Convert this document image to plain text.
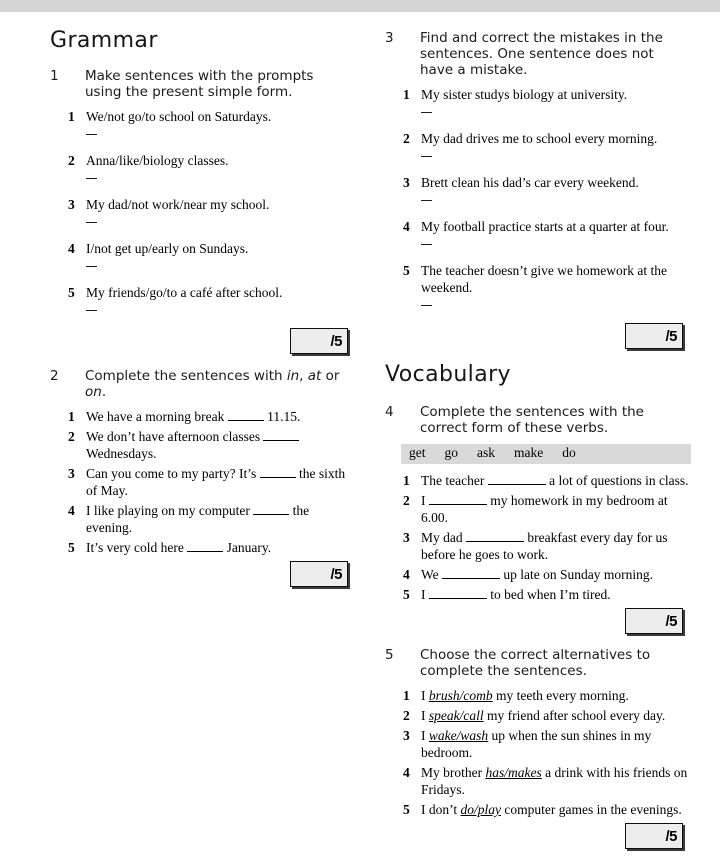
Grammar
1	Make sentences with the prompts
using the present simple form.
1 We/not go/to school on Saturdays.
2 Anna/like/biology classes.
3 My dad/not work/near my school.
4 I/not get up/early on Sundays.
5 My friends/go/to a café after school.
/5
2	Complete the sentences with in, at or
on.
1 We have a morning break	11.15.
2 We don’t have afternoon classes  Wednesdays.
3 Can you come to my party? It’s	the sixth of May.
4 I like playing on my computer	the evening.
5 It’s very cold here	January.
/5
3	Find and correct the mistakes in the
sentences. One sentence does not
have a mistake.
1 My sister studys biology at university.
2 My dad drives me to school every morning.
3 Brett clean his dad’s car every weekend.
4 My football practice starts at a quarter at four.
5 The teacher doesn’t give we homework at the weekend.
/5
Vocabulary
4	Complete the sentences with the
correct form of these verbs.
get go ask make do
1 The teacher	a lot of questions in class.
2 I	my homework in my bedroom at 6.00.
3 My dad	breakfast every day for us before he goes to work.
4 We	up late on Sunday morning.
5 I	to bed when I’m tired.
/5
5	Choose the correct alternatives to
complete the sentences.
1 I brush/comb my teeth every morning.
2 I speak/call my friend after school every day.
3 I wake/wash up when the sun shines in my bedroom.
4 My brother has/makes a drink with his friends on Fridays.
5 I don’t do/play computer games in the evenings.
/5
